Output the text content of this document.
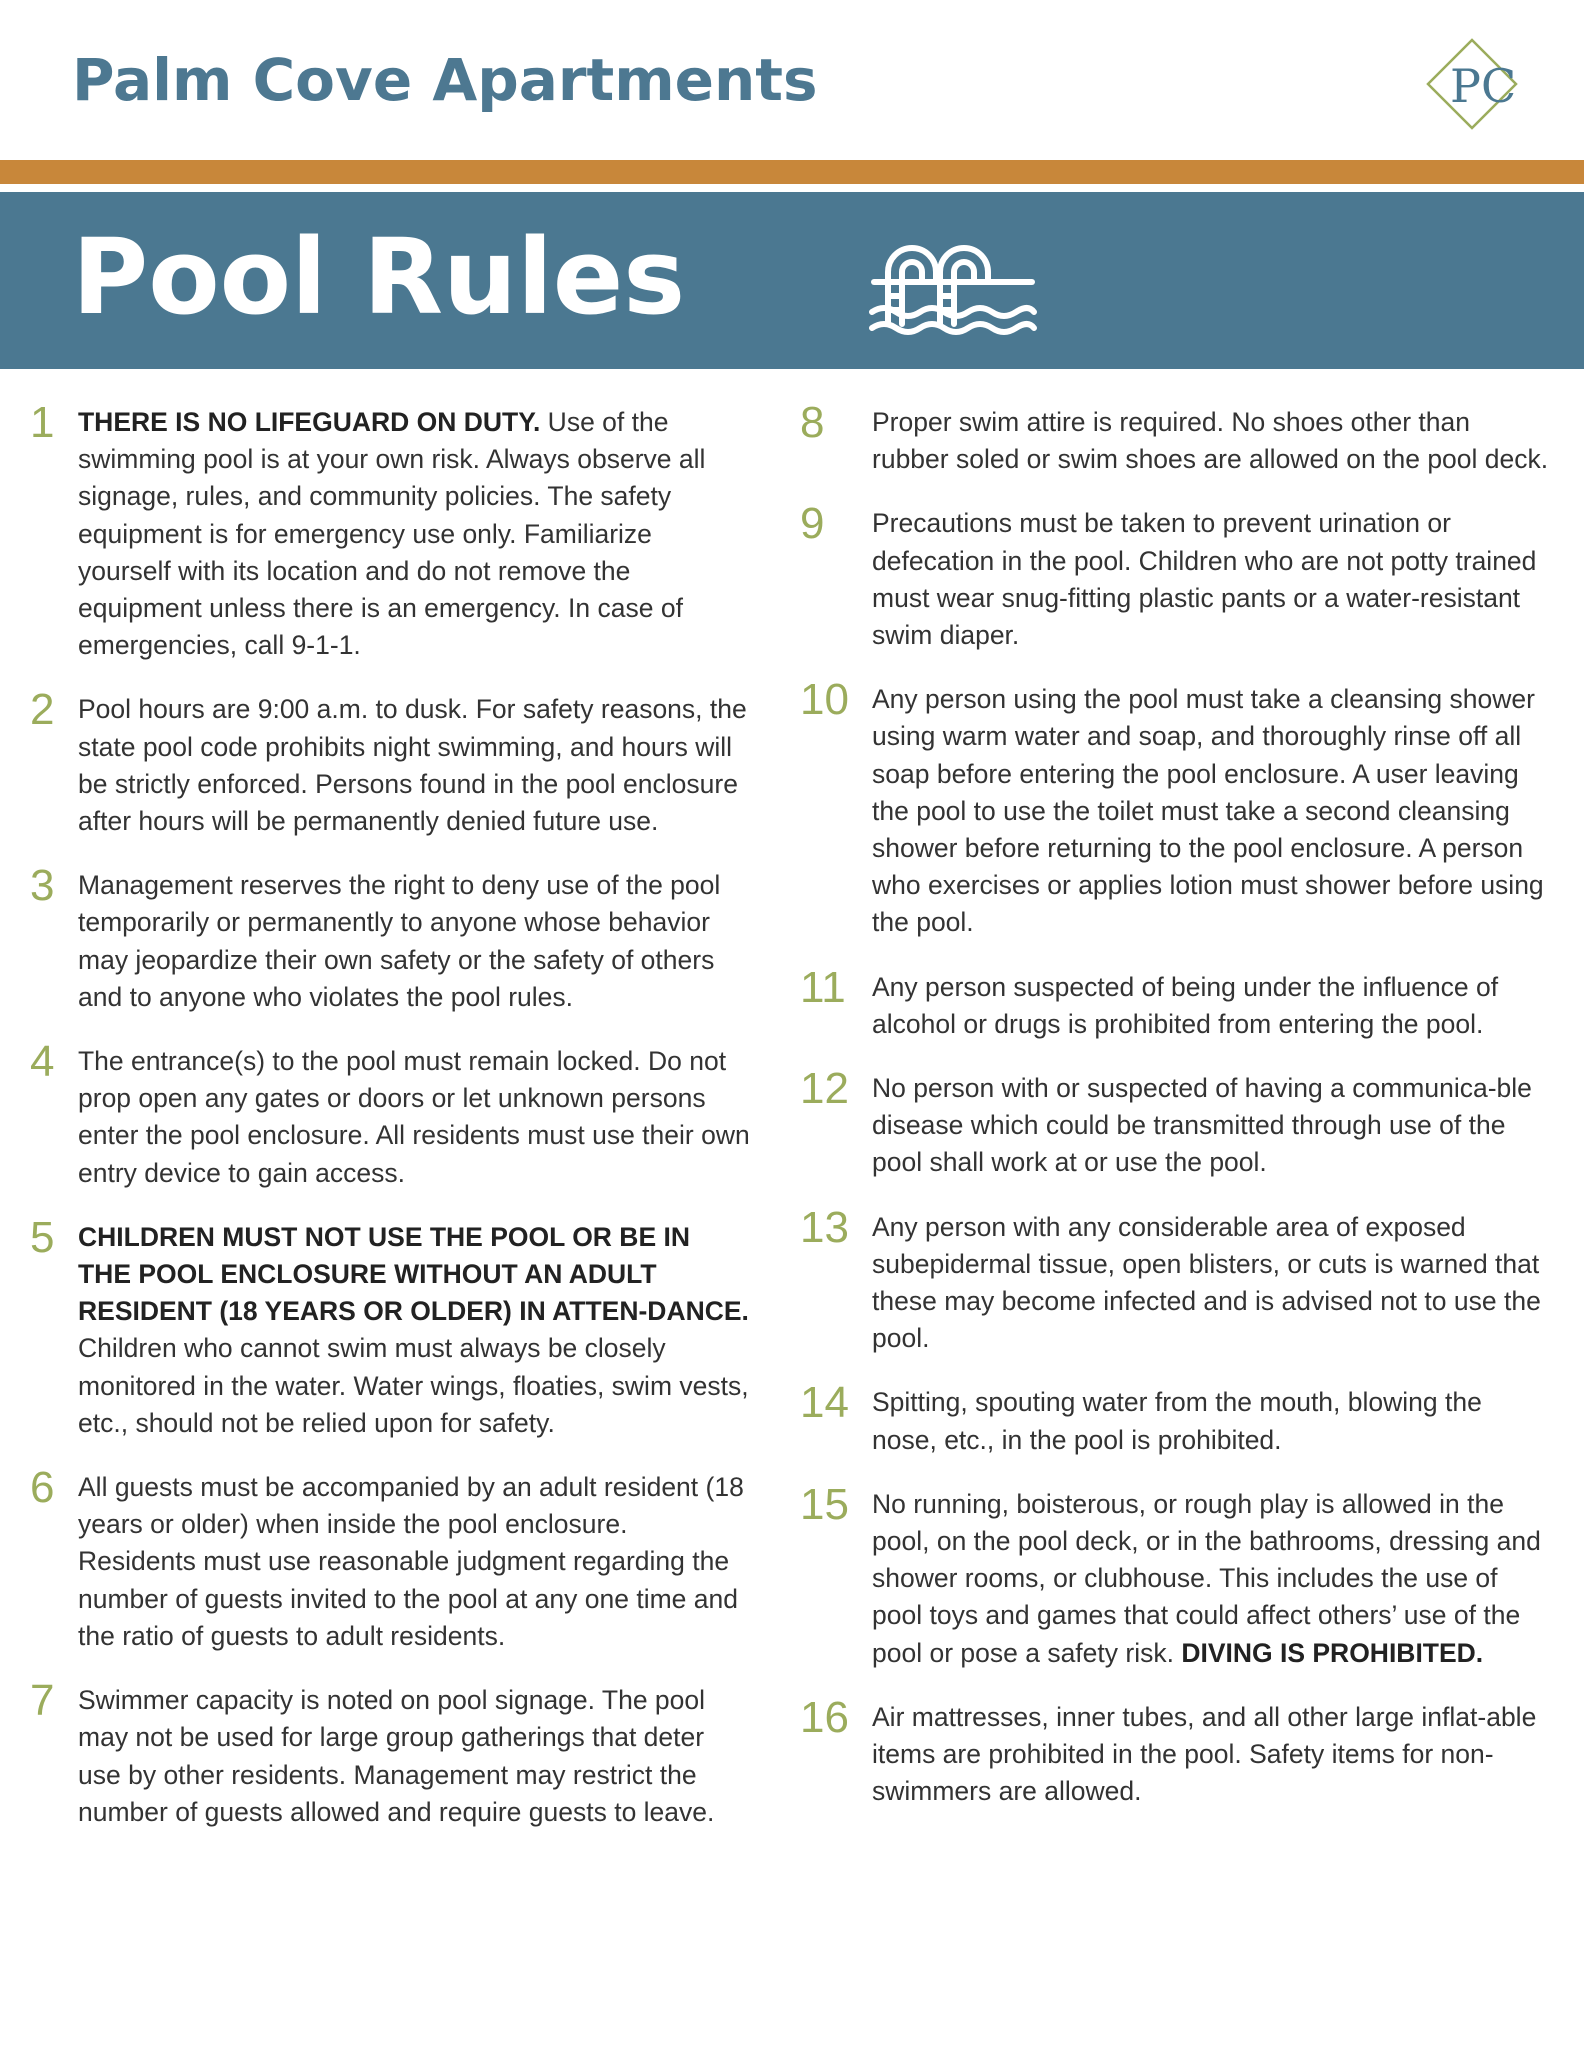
Palm Cove Apartments	PC
Pool Rules
1 THERE IS NO LIFEGUARD ON DUTY. Use of the swimming pool is at your own risk. Always observe all signage, rules, and community policies. The safety equipment is for emergency use only. Familiarize yourself with its location and do not remove the equipment unless there is an emergency. In case of emergencies, call 9-1-1.

2 Pool hours are 9:00 a.m. to dusk. For safety reasons, the state pool code prohibits night swimming, and hours will be strictly enforced. Persons found in the pool enclosure after hours will be permanently denied future use.

3 Management reserves the right to deny use of the pool temporarily or permanently to anyone whose behavior may jeopardize their own safety or the safety of others and to anyone who violates the pool rules.

4 The entrance(s) to the pool must remain locked. Do not prop open any gates or doors or let unknown persons enter the pool enclosure. All residents must use their own entry device to gain access.

5 CHILDREN MUST NOT USE THE POOL OR BE IN THE POOL ENCLOSURE WITHOUT AN ADULT RESIDENT (18 YEARS OR OLDER) IN ATTEN-DANCE. Children who cannot swim must always be closely monitored in the water. Water wings, floaties, swim vests, etc., should not be relied upon for safety.

6 All guests must be accompanied by an adult resident (18 years or older) when inside the pool enclosure. Residents must use reasonable judgment regarding the number of guests invited to the pool at any one time and the ratio of guests to adult residents.

7 Swimmer capacity is noted on pool signage. The pool may not be used for large group gatherings that deter use by other residents. Management may restrict the number of guests allowed and require guests to leave.

8 Proper swim attire is required. No shoes other than rubber soled or swim shoes are allowed on the pool deck.

9 Precautions must be taken to prevent urination or defecation in the pool. Children who are not potty trained must wear snug-fitting plastic pants or a water-resistant swim diaper.

10 Any person using the pool must take a cleansing shower using warm water and soap, and thoroughly rinse off all soap before entering the pool enclosure. A user leaving the pool to use the toilet must take a second cleansing shower before returning to the pool enclosure. A person who exercises or applies lotion must shower before using the pool.

11 Any person suspected of being under the influence of alcohol or drugs is prohibited from entering the pool.

12 No person with or suspected of having a communica-ble disease which could be transmitted through use of the pool shall work at or use the pool.

13 Any person with any considerable area of exposed subepidermal tissue, open blisters, or cuts is warned that these may become infected and is advised not to use the pool.

14 Spitting, spouting water from the mouth, blowing the nose, etc., in the pool is prohibited.

15 No running, boisterous, or rough play is allowed in the pool, on the pool deck, or in the bathrooms, dressing and shower rooms, or clubhouse. This includes the use of pool toys and games that could affect others’ use of the pool or pose a safety risk. DIVING IS PROHIBITED.

16 Air mattresses, inner tubes, and all other large inflat-able items are prohibited in the pool. Safety items for non-swimmers are allowed.
